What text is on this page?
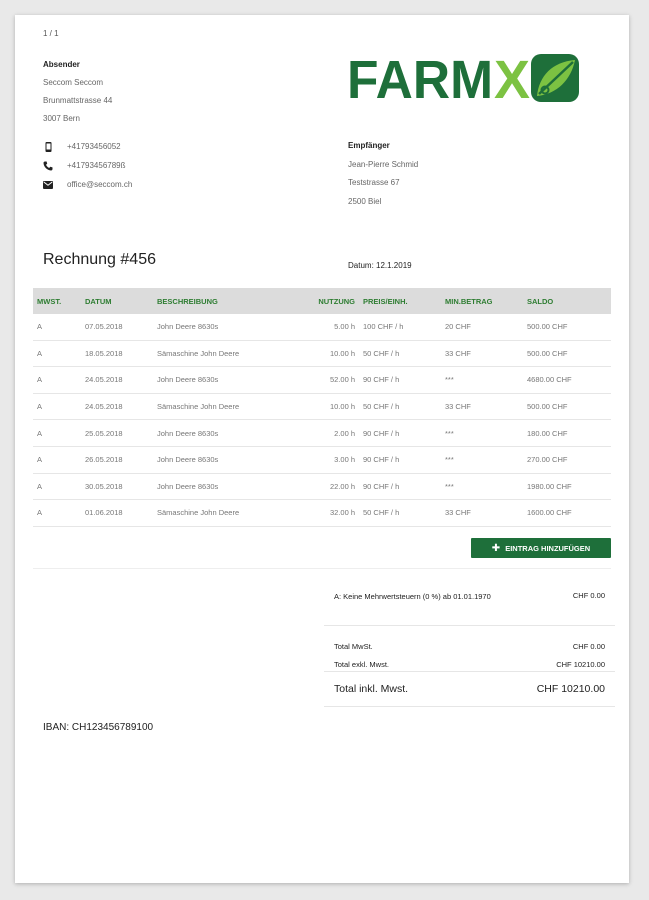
1 / 1
Absender
Seccom Seccom
Brunmattstrasse 44
3007 Bern
+41793456052
+41793456789ß
office@seccom.ch
FARM X
Empfänger
Jean-Pierre Schmid
Teststrasse 67
2500 Biel
Rechnung #456	Datum: 12.1.2019
MWST.	DATUM	BESCHREIBUNG	NUTZUNG	PREIS/EINH.	MIN.BETRAG	SALDO
A	07.05.2018	John Deere 8630s	5.00 h	100 CHF / h	20 CHF	500.00 CHF
A	18.05.2018	Sämaschine John Deere	10.00 h	50 CHF / h	33 CHF	500.00 CHF
A	24.05.2018	John Deere 8630s	52.00 h	90 CHF / h	***	4680.00 CHF
A	24.05.2018	Sämaschine John Deere	10.00 h	50 CHF / h	33 CHF	500.00 CHF
A	25.05.2018	John Deere 8630s	2.00 h	90 CHF / h	***	180.00 CHF
A	26.05.2018	John Deere 8630s	3.00 h	90 CHF / h	***	270.00 CHF
A	30.05.2018	John Deere 8630s	22.00 h	90 CHF / h	***	1980.00 CHF
A	01.06.2018	Sämaschine John Deere	32.00 h	50 CHF / h	33 CHF	1600.00 CHF
✚ EINTRAG HINZUFÜGEN
A: Keine Mehrwertsteuern (0 %) ab 01.01.1970	CHF 0.00
Total MwSt.	CHF 0.00
Total exkl. Mwst.	CHF 10210.00
Total inkl. Mwst.	CHF 10210.00
IBAN: CH123456789100
